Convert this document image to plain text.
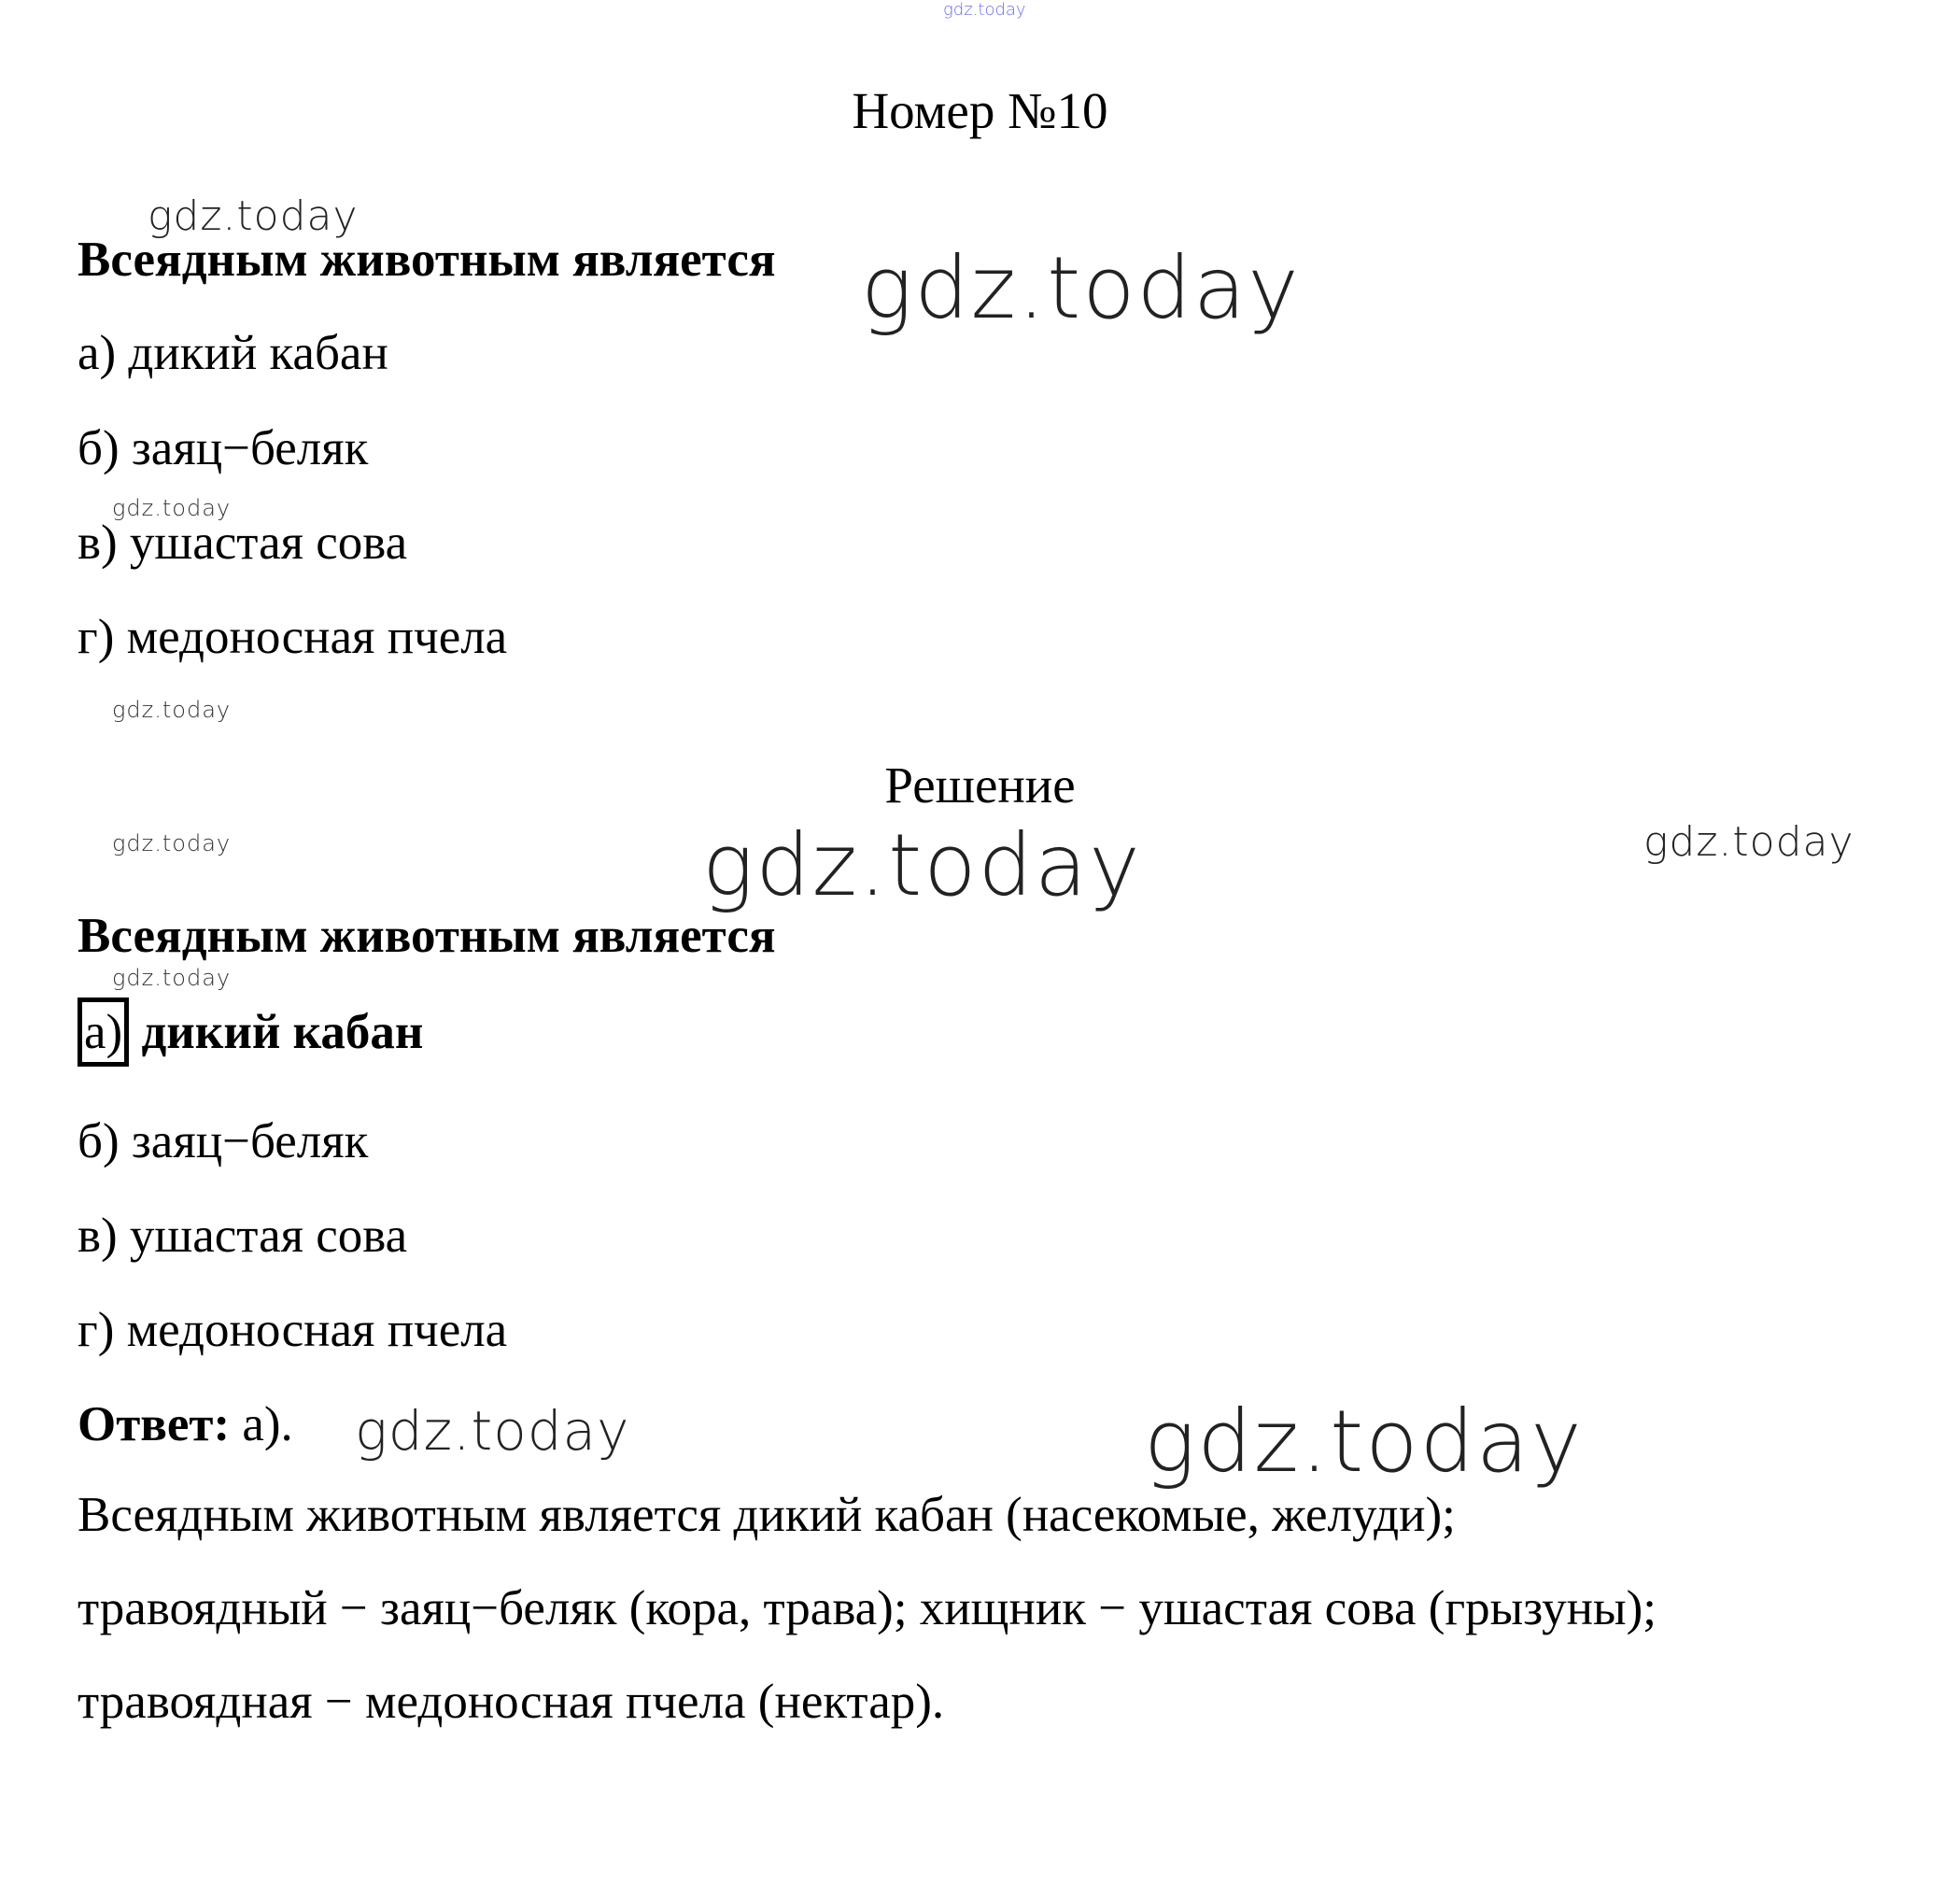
Номер №10
Всеядным животным является
а) дикий кабан
б) заяц−беляк
в) ушастая сова
г) медоносная пчела
Решение
Всеядным животным является
а) дикий кабан
б) заяц−беляк
в) ушастая сова
г) медоносная пчела
Ответ: а).
Всеядным животным является дикий кабан (насекомые, желуди);
травоядный − заяц−беляк (кора, трава); хищник − ушастая сова (грызуны);
травоядная − медоносная пчела (нектар).
gdz.today
gdz.today
gdz.today
gdz.today
gdz.today
gdz.today	gdz.today	gdz.today
gdz.today
gdz.today	gdz.today
